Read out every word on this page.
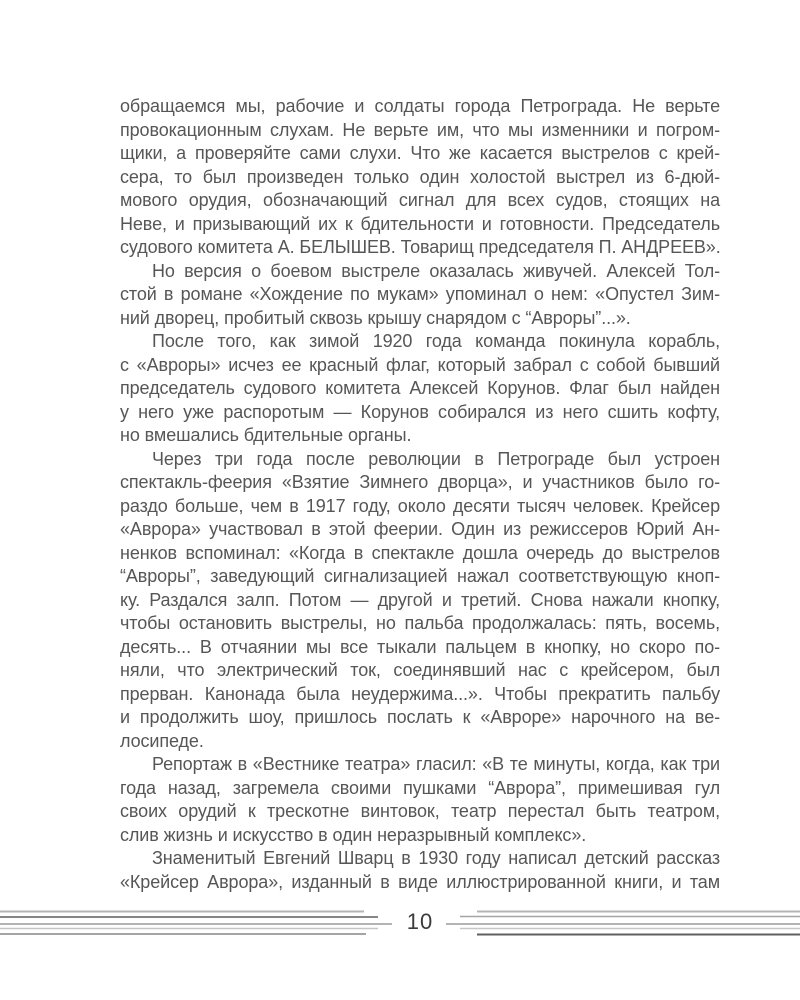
обращаемся мы, рабочие и солдаты города Петрограда. Не верьте
провокационным слухам. Не верьте им, что мы изменники и погром-
щики, а проверяйте сами слухи. Что же касается выстрелов с крей-
сера, то был произведен только один холостой выстрел из 6-дюй-
мового орудия, обозначающий сигнал для всех судов, стоящих на
Неве, и призывающий их к бдительности и готовности. Председатель
судового комитета А. БЕЛЫШЕВ. Товарищ председателя П. АНДРЕЕВ».
Но версия о боевом выстреле оказалась живучей. Алексей Тол-
стой в романе «Хождение по мукам» упоминал о нем: «Опустел Зим-
ний дворец, пробитый сквозь крышу снарядом с “Авроры”...».
После того, как зимой 1920 года команда покинула корабль,
с «Авроры» исчез ее красный флаг, который забрал с собой бывший
председатель судового комитета Алексей Корунов. Флаг был найден
у него уже распоротым — Корунов собирался из него сшить кофту,
но вмешались бдительные органы.
Через три года после революции в Петрограде был устроен
спектакль-феерия «Взятие Зимнего дворца», и участников было го-
раздо больше, чем в 1917 году, около десяти тысяч человек. Крейсер
«Аврора» участвовал в этой феерии. Один из режиссеров Юрий Ан-
ненков вспоминал: «Когда в спектакле дошла очередь до выстрелов
“Авроры”, заведующий сигнализацией нажал соответствующую кноп-
ку. Раздался залп. Потом — другой и третий. Снова нажали кнопку,
чтобы остановить выстрелы, но пальба продолжалась: пять, восемь,
десять... В отчаянии мы все тыкали пальцем в кнопку, но скоро по-
няли, что электрический ток, соединявший нас с крейсером, был
прерван. Канонада была неудержима...». Чтобы прекратить пальбу
и продолжить шоу, пришлось послать к «Авроре» нарочного на ве-
лосипеде.
Репортаж в «Вестнике театра» гласил: «В те минуты, когда, как три
года назад, загремела своими пушками “Аврора”, примешивая гул
своих орудий к трескотне винтовок, театр перестал быть театром,
слив жизнь и искусство в один неразрывный комплекс».
Знаменитый Евгений Шварц в 1930 году написал детский рассказ
«Крейсер Аврора», изданный в виде иллюстрированной книги, и там
10
